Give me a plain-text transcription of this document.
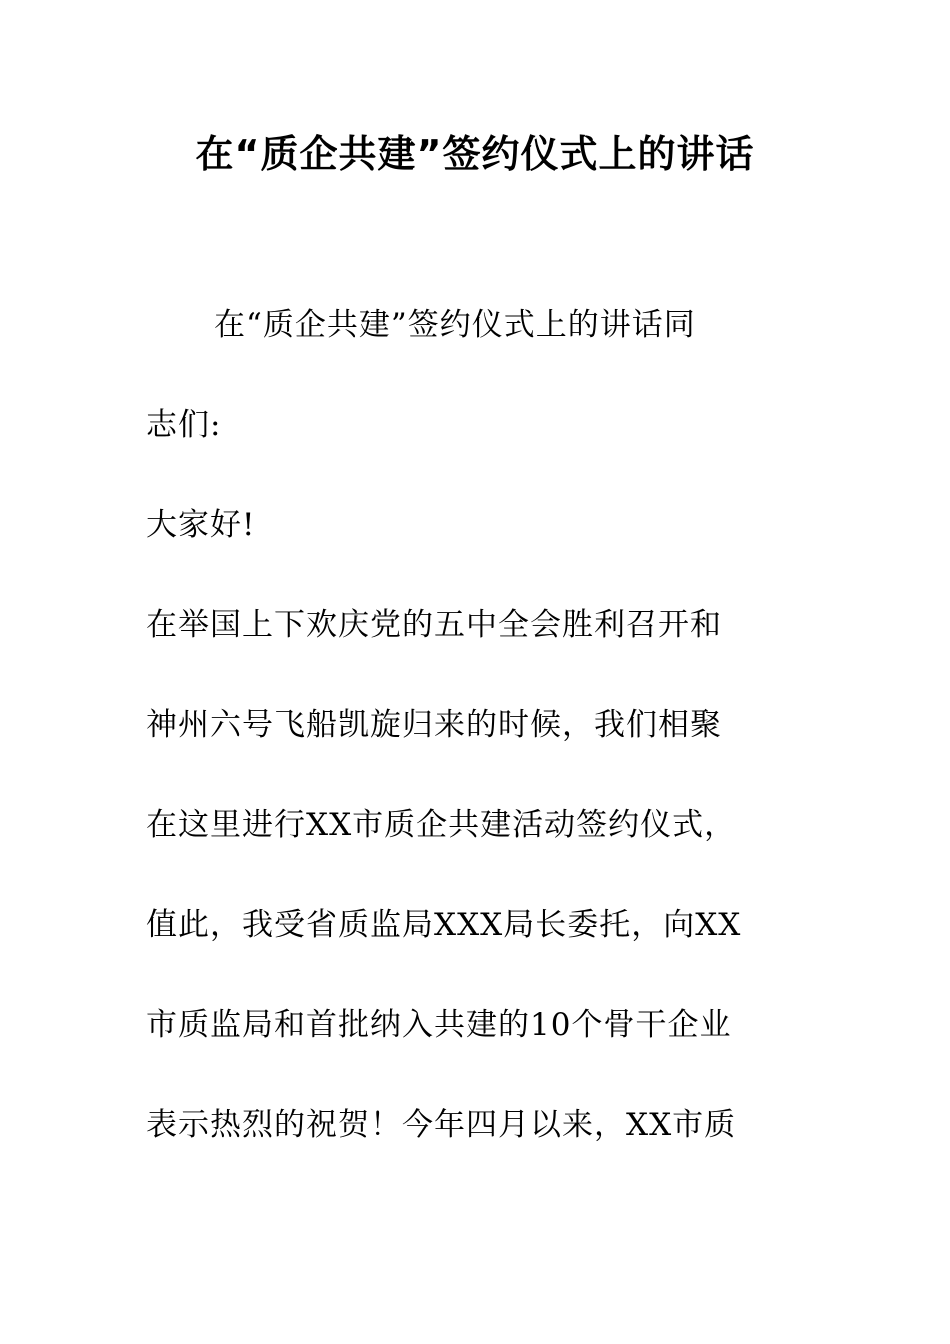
在“质企共建”签约仪式上的讲话
在“质企共建”签约仪式上的讲话同
志们:
大家好!
在举国上下欢庆党的五中全会胜利召开和
神州六号飞船凯旋归来的时候，我们相聚
在这里进行XX市质企共建活动签约仪式，
值此，我受省质监局XXX局长委托，向XX
市质监局和首批纳入共建的10个骨干企业
表示热烈的祝贺！今年四月以来，XX市质
